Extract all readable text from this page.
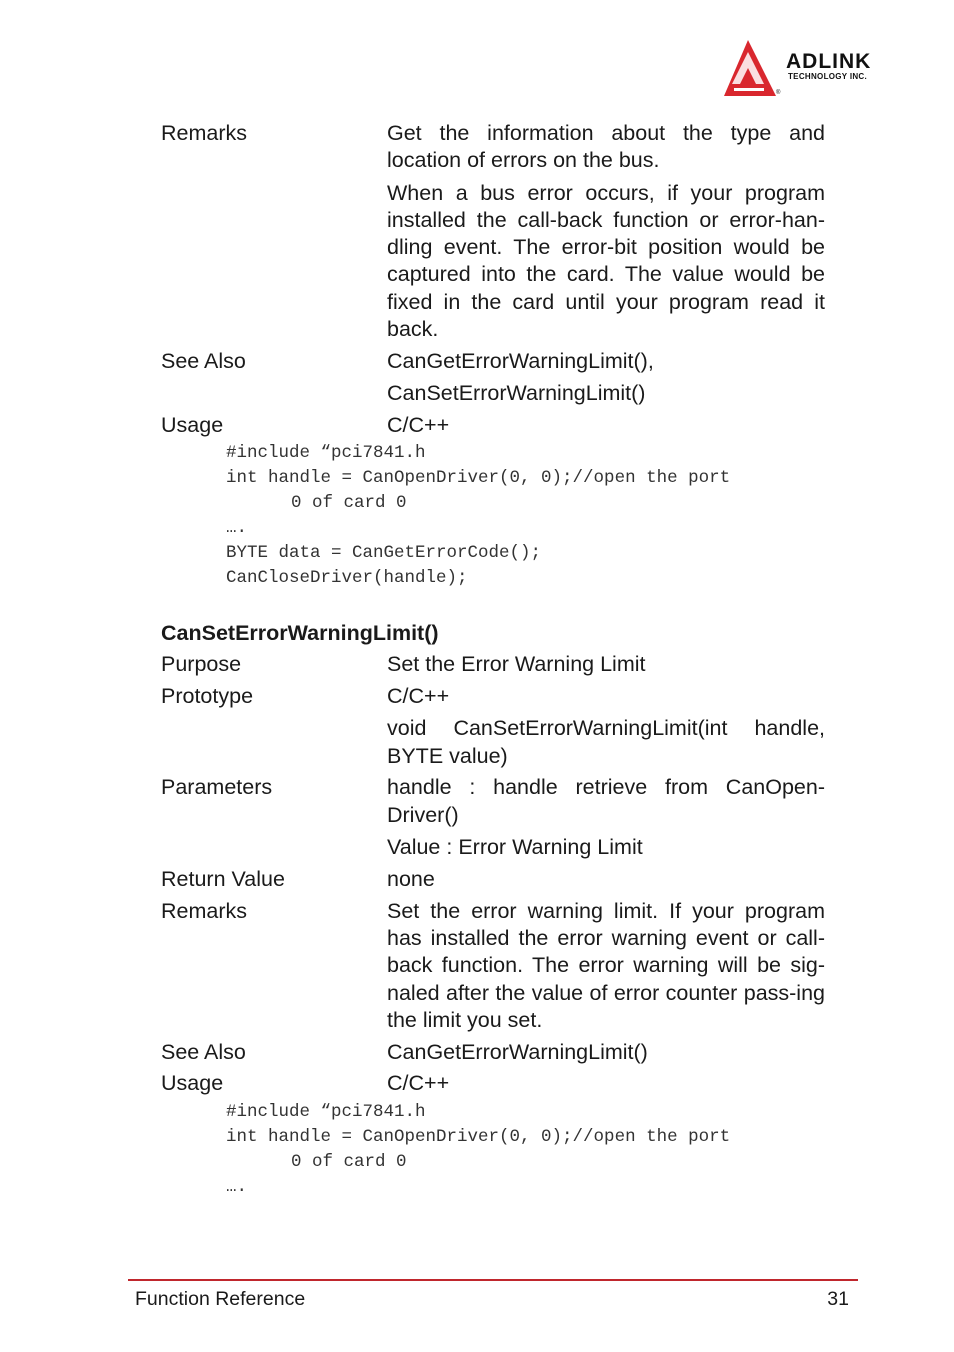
ADLINK
TECHNOLOGY INC.
®
Remarks	Get the information about the type and location of errors on the bus.

When a bus error occurs, if your program installed the call-back function or error-han-dling event. The error-bit position would be captured into the card. The value would be fixed in the card until your program read it back.

See Also	CanGetErrorWarningLimit(),

CanSetErrorWarningLimit()

Usage	C/C++

#include “pci7841.h
int handle = CanOpenDriver(0, 0);//open the port
0 of card 0
….
BYTE data = CanGetErrorCode();
CanCloseDriver(handle);
CanSetErrorWarningLimit()
Purpose	Set the Error Warning Limit

Prototype	C/C++

void CanSetErrorWarningLimit(int handle, BYTE value)

Parameters	handle : handle retrieve from CanOpen-Driver()

Value : Error Warning Limit

Return Value	none

Remarks	Set the error warning limit. If your program has installed the error warning event or call-back function. The error warning will be sig-naled after the value of error counter pass-ing the limit you set.

See Also	CanGetErrorWarningLimit()

Usage	C/C++

#include “pci7841.h
int handle = CanOpenDriver(0, 0);//open the port
0 of card 0
….
Function Reference	31
